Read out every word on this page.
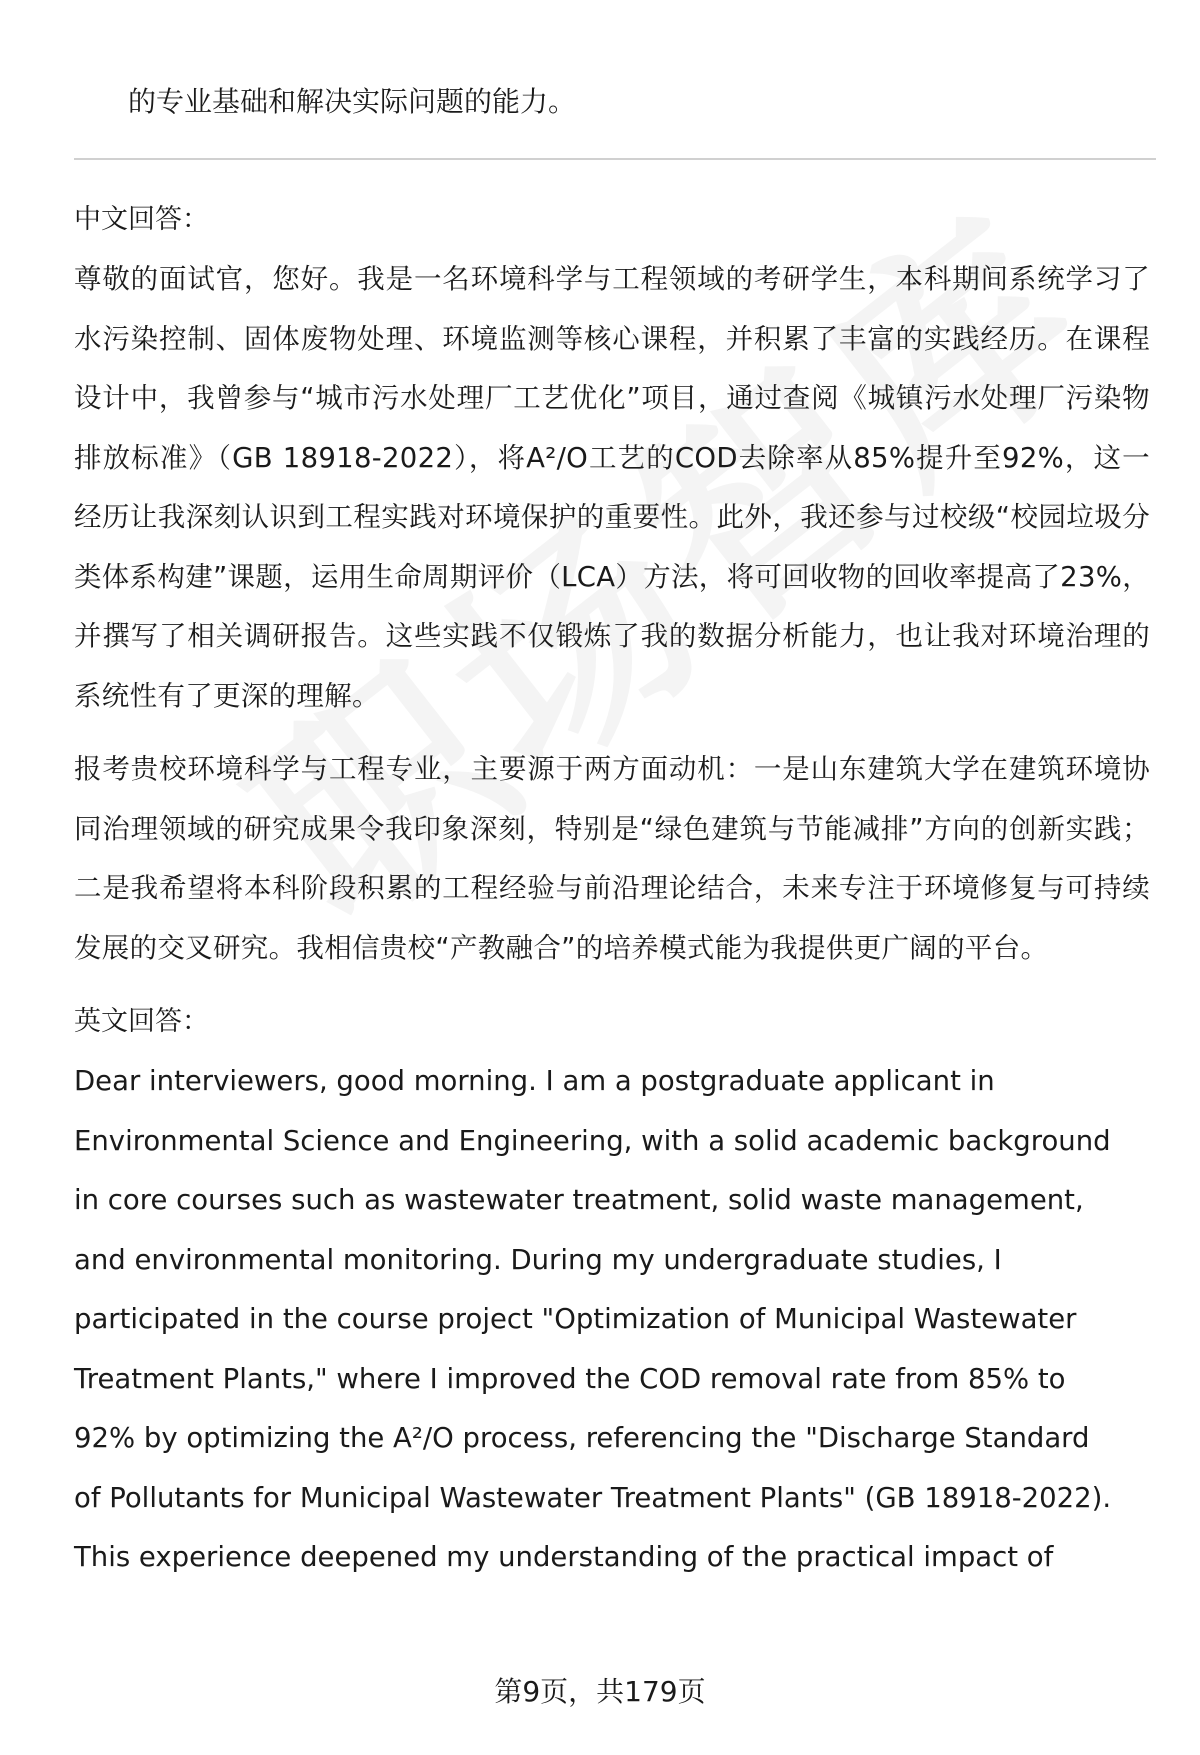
的专业基础和解决实际问题的能力。

中文回答：

尊敬的面试官，您好。我是一名环境科学与工程领域的考研学生，本科期间系统学习了水污染控制、固体废物处理、环境监测等核心课程，并积累了丰富的实践经历。在课程设计中，我曾参与“城市污水处理厂工艺优化”项目，通过查阅《城镇污水处理厂污染物排放标准》（GB 18918-2022），将A²/O工艺的COD去除率从85%提升至92%，这一经历让我深刻认识到工程实践对环境保护的重要性。此外，我还参与过校级“校园垃圾分类体系构建”课题，运用生命周期评价（LCA）方法，将可回收物的回收率提高了23%，并撰写了相关调研报告。这些实践不仅锻炼了我的数据分析能力，也让我对环境治理的系统性有了更深的理解。

报考贵校环境科学与工程专业，主要源于两方面动机：一是山东建筑大学在建筑环境协同治理领域的研究成果令我印象深刻，特别是“绿色建筑与节能减排”方向的创新实践；二是我希望将本科阶段积累的工程经验与前沿理论结合，未来专注于环境修复与可持续发展的交叉研究。我相信贵校“产教融合”的培养模式能为我提供更广阔的平台。

英文回答：

Dear interviewers, good morning. I am a postgraduate applicant in

Environmental Science and Engineering, with a solid academic background

in core courses such as wastewater treatment, solid waste management,

and environmental monitoring. During my undergraduate studies, I

participated in the course project "Optimization of Municipal Wastewater

Treatment Plants," where I improved the COD removal rate from 85% to

92% by optimizing the A²/O process, referencing the "Discharge Standard

of Pollutants for Municipal Wastewater Treatment Plants" (GB 18918-2022).

This experience deepened my understanding of the practical impact of

第9页，共179页
